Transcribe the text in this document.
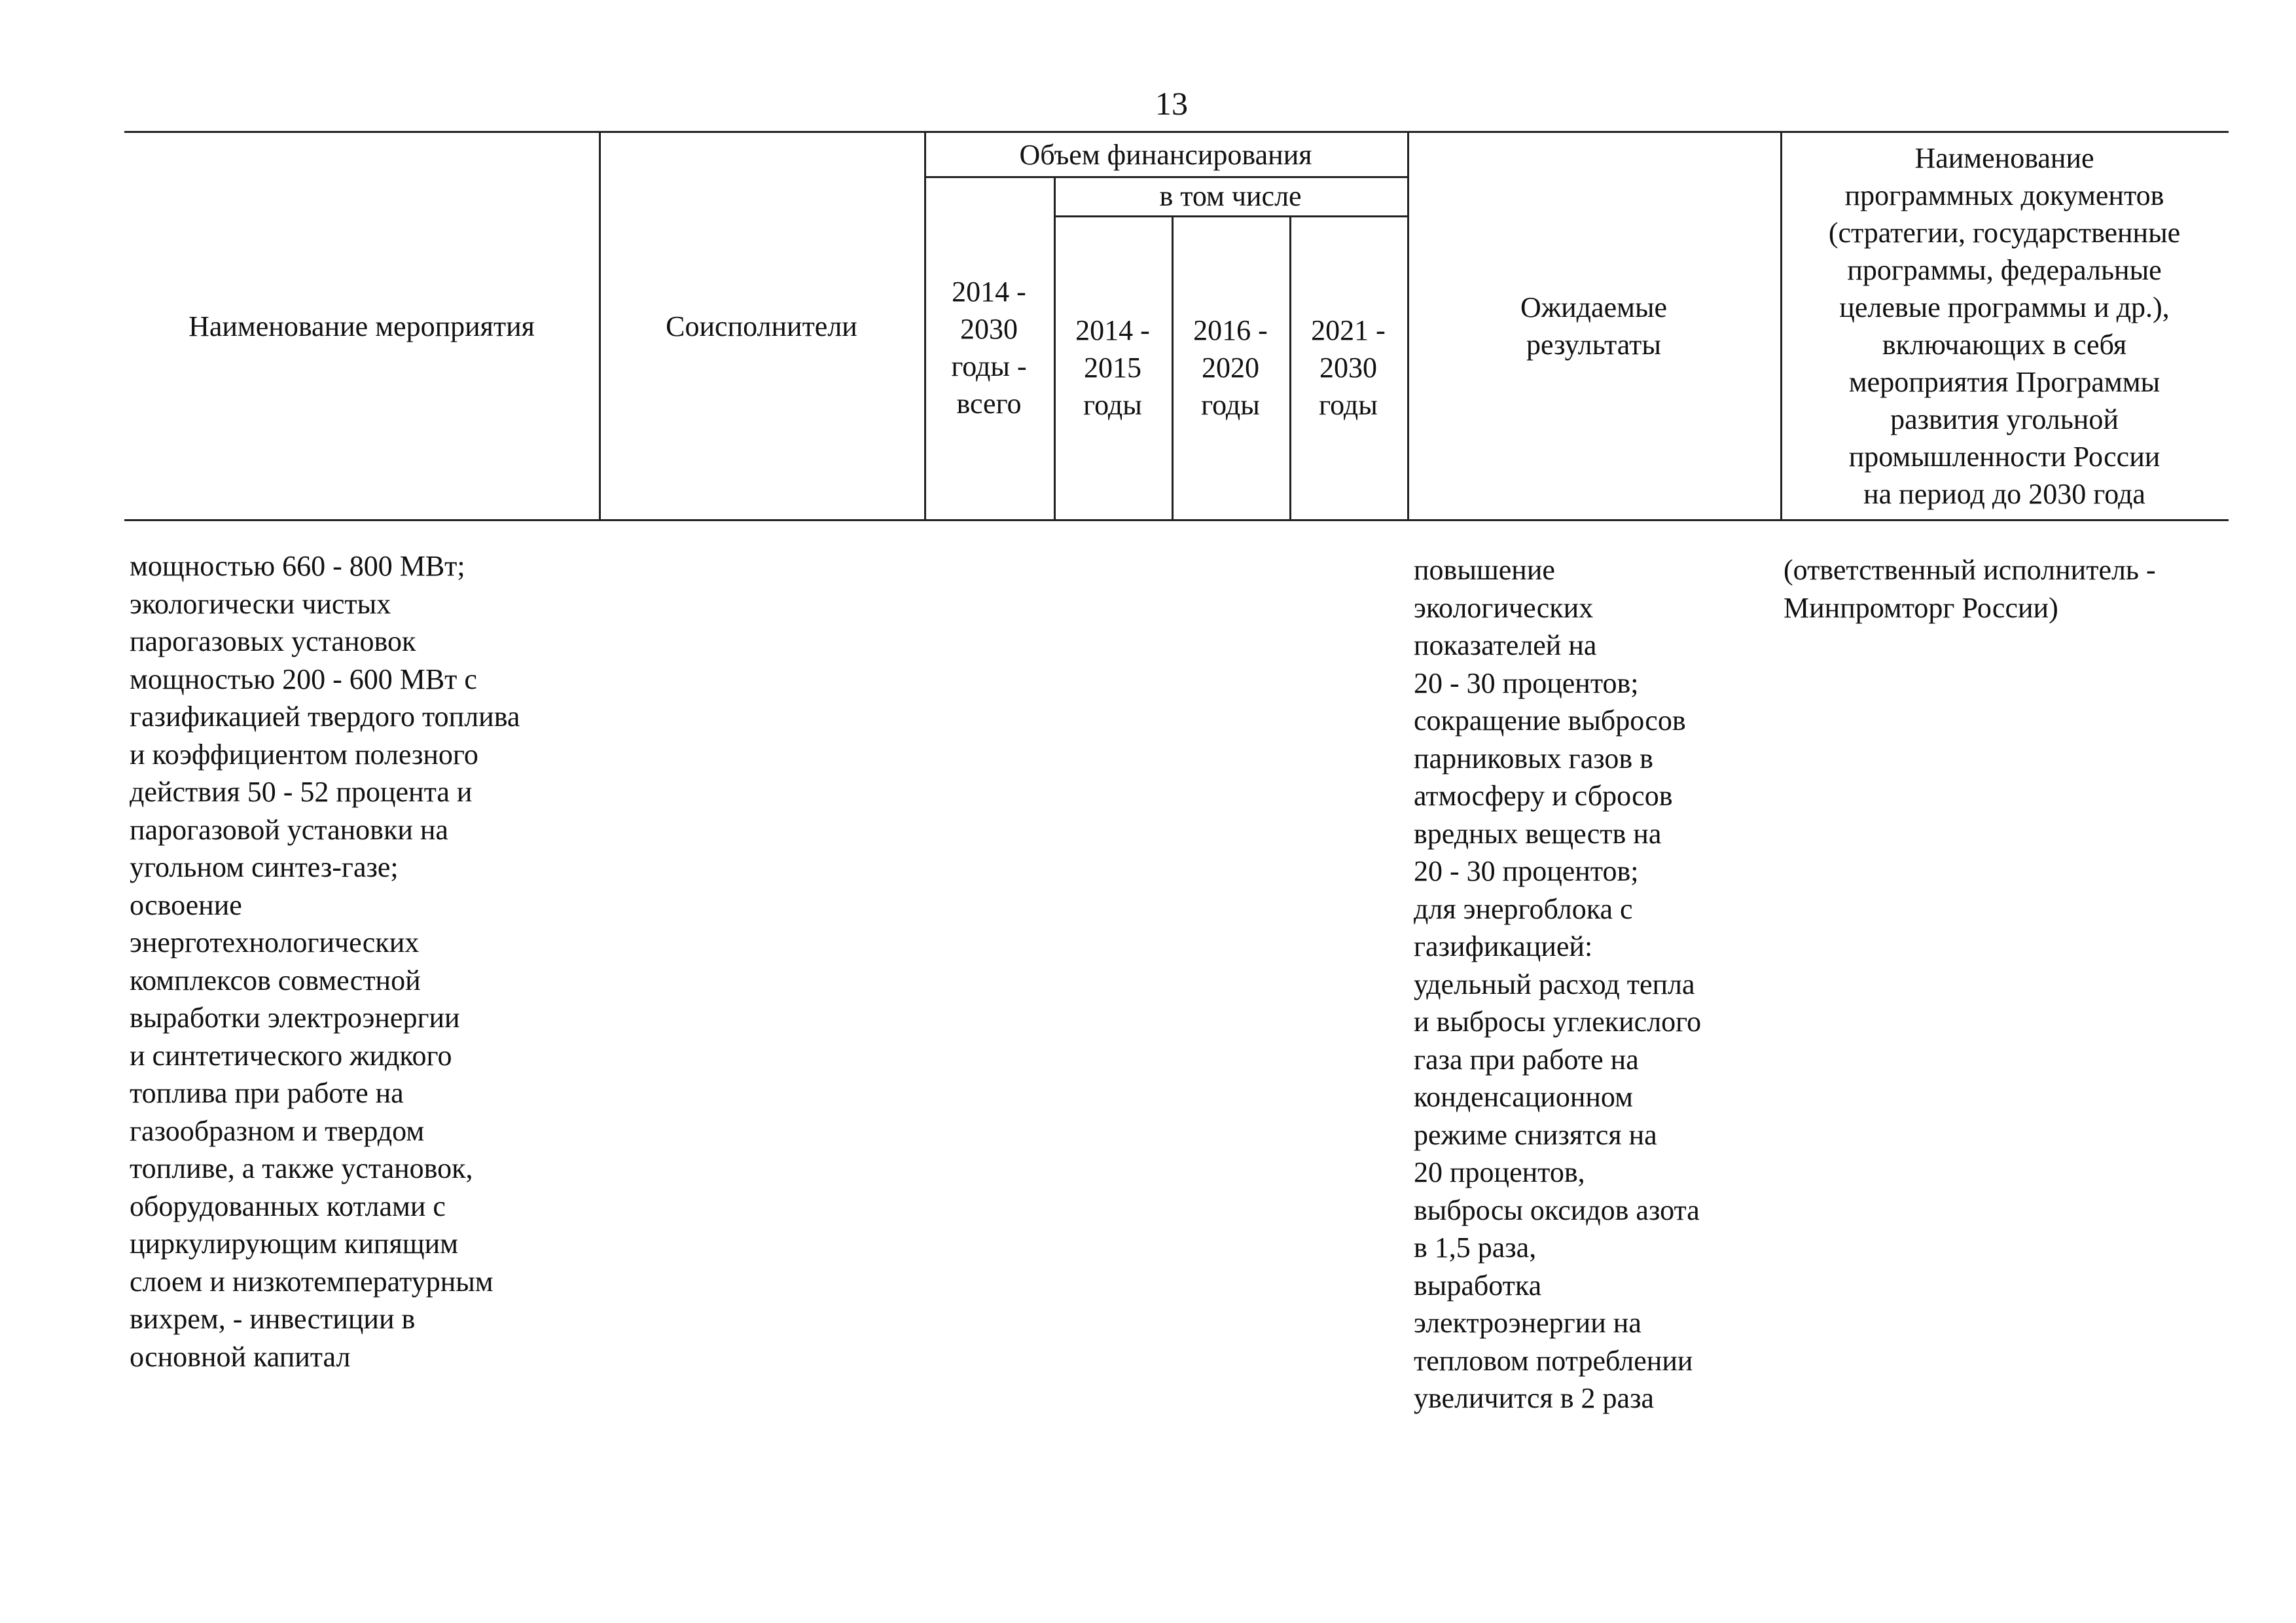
13
Наименование мероприятия	Соисполнители
Объем финансирования
2014 -
2030
годы -
всего
в том числе
2014 -
2015
годы
2016 -
2020
годы
2021 -
2030
годы
Ожидаемые
результаты
Наименование
программных документов
(стратегии, государственные
программы, федеральные
целевые программы и др.),
включающих в себя
мероприятия Программы
развития угольной
промышленности России
на период до 2030 года
мощностью 660 - 800 МВт;
экологически чистых
парогазовых установок
мощностью 200 - 600 МВт с
газификацией твердого топлива
и коэффициентом полезного
действия 50 - 52 процента и
парогазовой установки на
угольном синтез-газе;
освоение
энерготехнологических
комплексов совместной
выработки электроэнергии
и синтетического жидкого
топлива при работе на
газообразном и твердом
топливе, а также установок,
оборудованных котлами с
циркулирующим кипящим
слоем и низкотемпературным
вихрем, - инвестиции в
основной капитал
повышение
экологических
показателей на
20 - 30 процентов;
сокращение выбросов
парниковых газов в
атмосферу и сбросов
вредных веществ на
20 - 30 процентов;
для энергоблока с
газификацией:
удельный расход тепла
и выбросы углекислого
газа при работе на
конденсационном
режиме снизятся на
20 процентов,
выбросы оксидов азота
в 1,5 раза,
выработка
электроэнергии на
тепловом потреблении
увеличится в 2 раза
(ответственный исполнитель -
Минпромторг России)
